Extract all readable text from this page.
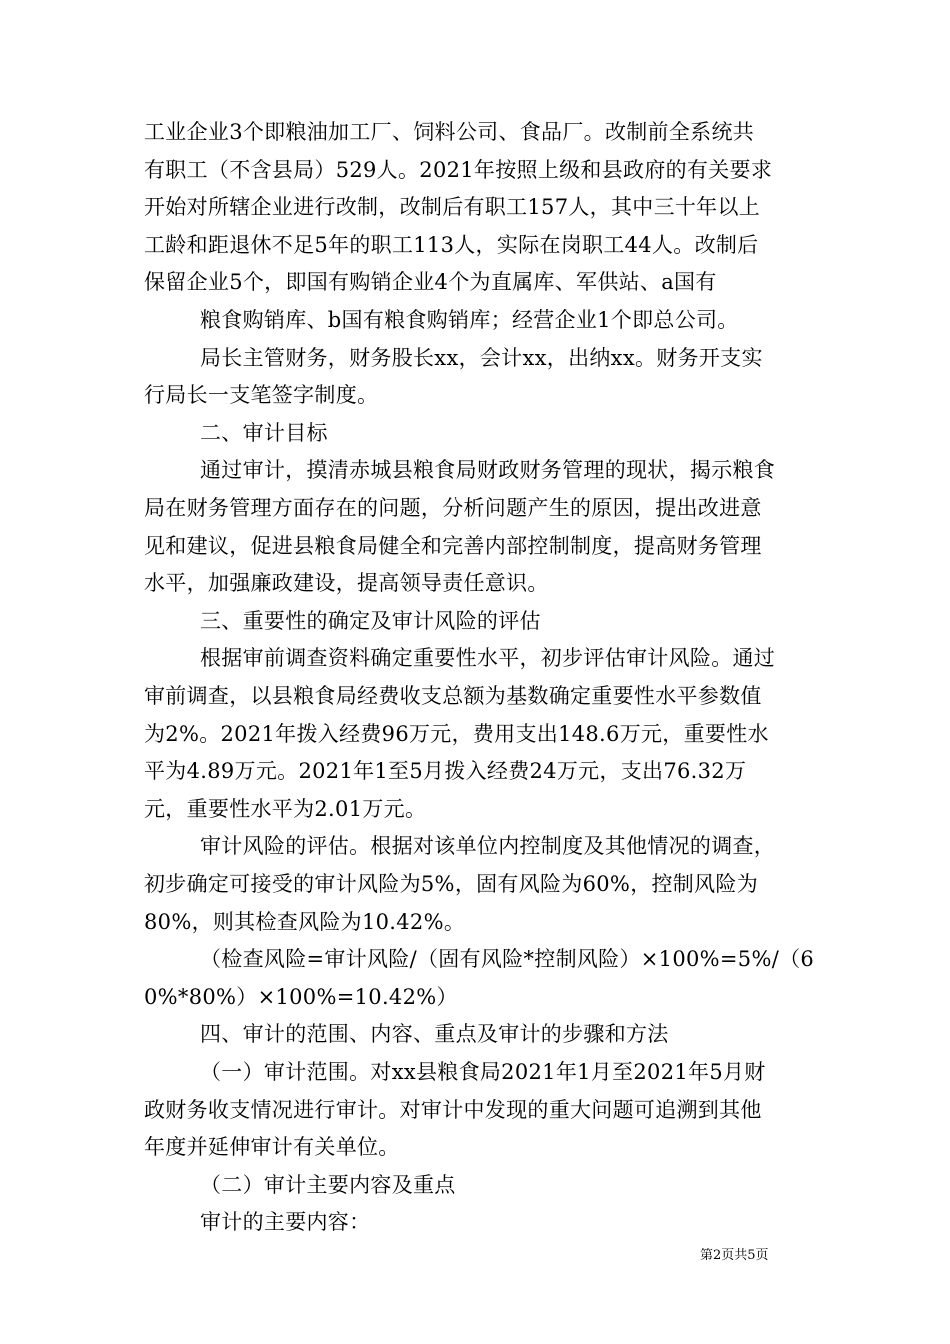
工业企业3个即粮油加工厂、饲料公司、食品厂。改制前全系统共
有职工（不含县局）529人。2021年按照上级和县政府的有关要求
开始对所辖企业进行改制，改制后有职工157人，其中三十年以上
工龄和距退休不足5年的职工113人，实际在岗职工44人。改制后
保留企业5个，即国有购销企业4个为直属库、军供站、a国有
粮食购销库、b国有粮食购销库；经营企业1个即总公司。
局长主管财务，财务股长xx，会计xx，出纳xx。财务开支实
行局长一支笔签字制度。
二、审计目标
通过审计，摸清赤城县粮食局财政财务管理的现状，揭示粮食
局在财务管理方面存在的问题，分析问题产生的原因，提出改进意
见和建议，促进县粮食局健全和完善内部控制制度，提高财务管理
水平，加强廉政建设，提高领导责任意识。
三、重要性的确定及审计风险的评估
根据审前调查资料确定重要性水平，初步评估审计风险。通过
审前调查，以县粮食局经费收支总额为基数确定重要性水平参数值
为2%。2021年拨入经费96万元，费用支出148.6万元，重要性水
平为4.89万元。2021年1至5月拨入经费24万元，支出76.32万
元，重要性水平为2.01万元。
审计风险的评估。根据对该单位内控制度及其他情况的调查，
初步确定可接受的审计风险为5%，固有风险为60%，控制风险为
80%，则其检查风险为10.42%。
（检查风险=审计风险/（固有风险*控制风险）×100%=5%/（6
0%*80%）×100%=10.42%）
四、审计的范围、内容、重点及审计的步骤和方法
（一）审计范围。对xx县粮食局2021年1月至2021年5月财
政财务收支情况进行审计。对审计中发现的重大问题可追溯到其他
年度并延伸审计有关单位。
第2页共5页
（二）审计主要内容及重点
审计的主要内容：
